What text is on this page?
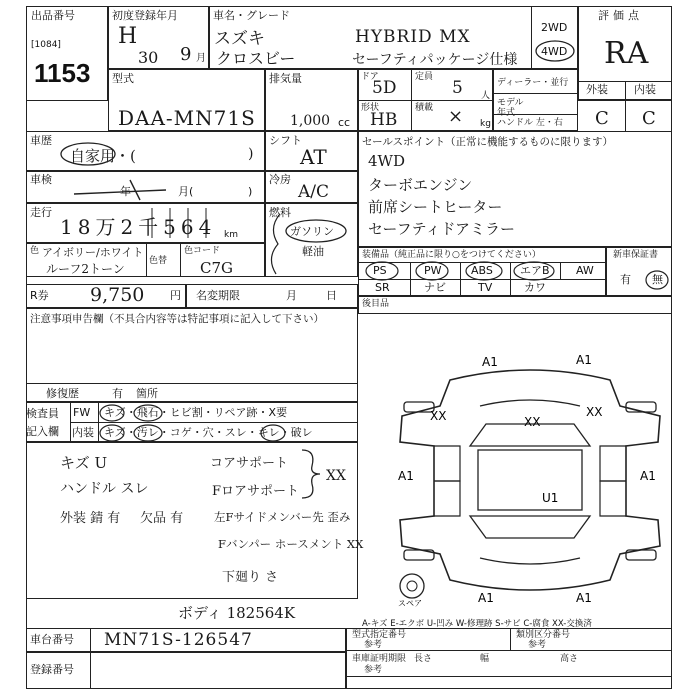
出品番号
[1084]
1153
初度登録年月
H
30 9 月
車名・グレード
スズキ
クロスビー
HYBRID MX
セーフティパッケージ仕様
2WD
4WD
評価点
RA
外装 内装
C C
型式
DAA-MN71S
排気量
1,000 cc
ドア
5D
定員
5 人
形状
HB
積載 × kg
ディーラー・並行
モデル年式
ハンドル 左・右
車歴
自家用・(	)
シフト
AT
セールスポイント（正常に機能するものに限ります）
4WD
ターボエンジン
前席シートヒーター
セーフティドアミラー
車検
年	月(	)
冷房
A/C
走行
18万2千564 km
燃料
ガソリン
軽油
色 アイボリー/ホワイト
ルーフ2トーン
色替
色コード
C7G
装備品（純正品に限り○をつけてください）
PS	PW	ABS エアB AW
SR	ナビ	TV	カワ
新車保証書
有 無
後目品
R券 9,750 円 名変期限	月	日
注意事項申告欄（不具合内容等は特記事項に記入して下さい）
修復歴	有 箇所
検査員
記入欄
FW キズ・飛石・ヒビ割・リペア跡・X要
内装 キズ・汚レ・コゲ・穴・スレ・キレ・破レ
キズ U
ハンドル スレ
外装 錆 有 欠品 有
コアサポート
Fロアサポート
左Fサイドメンバー先 歪み
Fバンパー ホースメント XX
下廻り さ
XX
A1	A1
A1	A1
XX
XX	XX
U1
A1	A1
スペア
A-キズ E-エクボ U-凹み W-修理跡 S-サビ C-腐食 XX-交換済
ボディ 182564K
車台番号 MN71S-126547
登録番号
型式指定番号
参考
類別区分番号
参考
車庫証明期限
参考
長さ	幅	高さ
